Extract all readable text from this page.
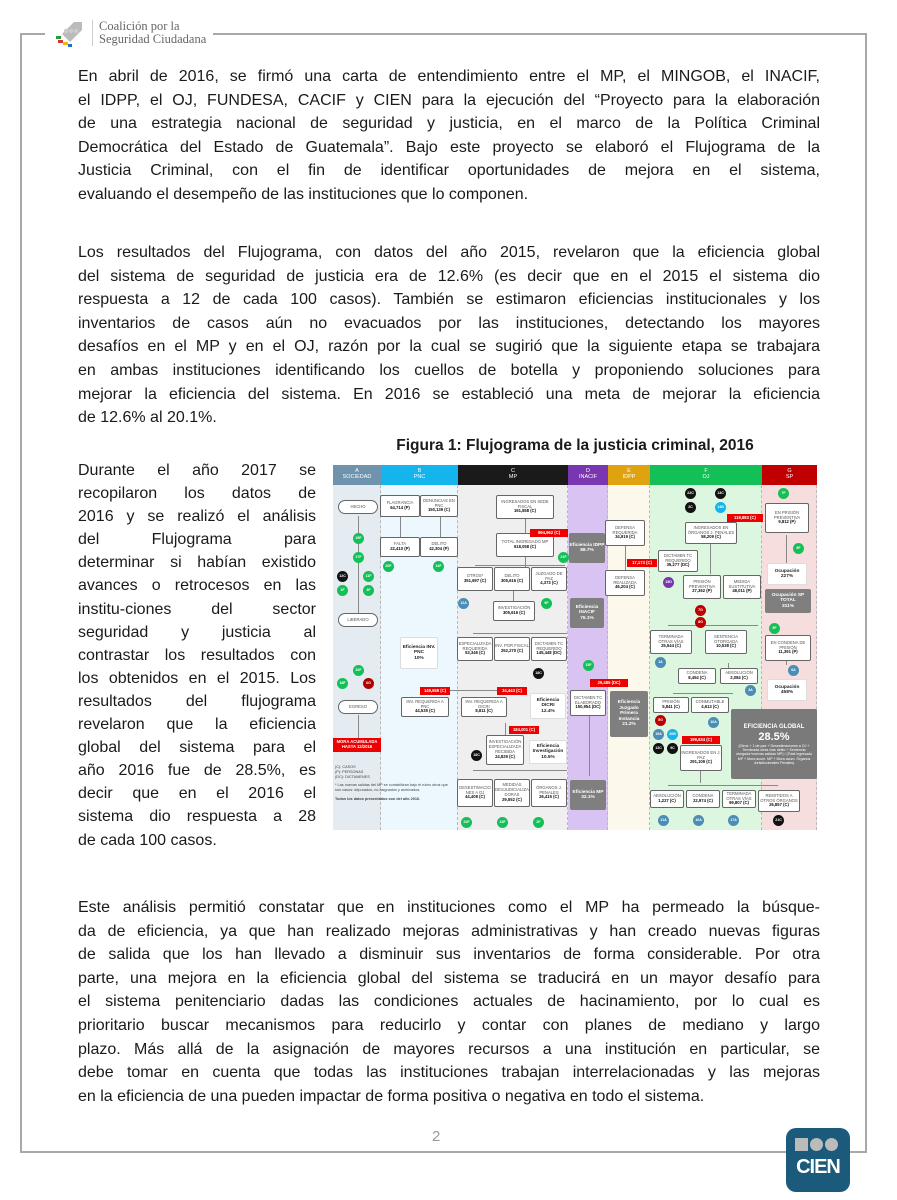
Coalición por la
Seguridad Ciudadana
En abril de 2016, se firmó una carta de entendimiento entre el MP, el MINGOB, el INACIF,
el IDPP, el OJ, FUNDESA, CACIF y CIEN para la ejecución del “Proyecto para la elaboración
de una estrategia nacional de seguridad y justicia, en el marco de la Política Criminal
Democrática del Estado de Guatemala”. Bajo este proyecto se elaboró el Flujograma de la
Justicia Criminal, con el fin de identificar oportunidades de mejora en el sistema,
evaluando el desempeño de las instituciones que lo componen.
Los resultados del Flujograma, con datos del año 2015, revelaron que la eficiencia global
del sistema de seguridad de justicia era de 12.6% (es decir que en el 2015 el sistema dio
respuesta a 12 de cada 100 casos). También se estimaron eficiencias institucionales y los
inventarios de casos aún no evacuados por las instituciones, detectando los mayores
desafíos en el MP y en el OJ, razón por la cual se sugirió que la siguiente etapa se trabajara
en ambas instituciones identificando los cuellos de botella y proponiendo soluciones para
mejorar la eficiencia del sistema. En 2016 se estableció una meta de mejorar la eficiencia
de 12.6% al 20.1%.
Durante el año 2017 se
recopilaron los datos de
2016 y se realizó el análisis
del Flujograma para
determinar si habían existido
avances o retrocesos en las
institu-ciones del sector
seguridad y justicia al
contrastar los resultados con
los obtenidos en el 2015. Los
resultados del flujograma
revelaron que la eficiencia
global del sistema para el
año 2016 fue de 28.5%, es
decir que en el 2016 el
sistema dio respuesta a 28
de cada 100 casos.
Este análisis permitió constatar que en instituciones como el MP ha permeado la búsque-
da de eficiencia, ya que han realizado mejoras administrativas y han creado nuevas figuras
de salida que los han llevado a disminuir sus inventarios de forma considerable. Por otra
parte, una mejora en la eficiencia global del sistema se traducirá en un mayor desafío para
el sistema penitenciario dadas las condiciones actuales de hacinamiento, por lo cual es
prioritario buscar mecanismos para reducirlo y contar con planes de mediano y largo
plazo. Más allá de la asignación de mayores recursos a una institución en particular, se
debe tomar en cuenta que todas las instituciones trabajan interrelacionadas y las mejoras
en la eficiencia de una pueden impactar de forma positiva o negativa en todo el sistema.
Figura 1: Flujograma de la justicia criminal, 2016
A
SOCIEDAD
B
PNC
C
MP
D
INACIF
E
IDPP
F
OJ
G
SP
HECHO
FLAGRANCIA
64,714 (P)
DENUNCIAS EN PNC
150,139 (C)
FALTA
22,410 (P)
DELITO
42,304 (P)
INGRESADOS EN SEDE FISCAL
191,858 (C)
TOTAL INGRESADO MP
618,058 (C)
OTROS*
351,697 (C)
DELITO
305,616 (C)
JUZGADO DE PAZ
4,373 (C)
INVESTIGACIÓN
305,616 (C)
ESPECIALIZADA REQUERIDA
53,346 (C)
INV. POR FISCAL
252,270 (C)
DICTAMEN TC REQUERIDO
145,448 (DC)
INV. REQUERIDA A PNC
44,535 (C)
INV. REQUERIDA A DICRI
8,811 (C)
INVESTIGACIÓN ESPECIALIZADA RECIBIDA
24,829 (C)
DESESTIMACIONES A OJ
44,408 (C)
MEDIDAS DESJUDICIALIZADORAS
29,552 (C)
ÓRGANOS J. PENALES
26,415 (C)
DICTAMEN TC ELABORADO
150,954 (DC)
DEFENSA REQUERIDA
34,919 (C)
DEFENSA REALIZADA
46,204 (C)
INGRESADOS EN ÓRGANOS J. PENALES
58,209 (C)
DICTAMEN TC REQUERIDO
35,277 (DC)
PRISIÓN PREVENTIVA
27,362 (P)
MEDIDA SUSTITUTIVA
48,011 (P)
TERMINADA OTRAS VÍAS
25,544 (C)
SENTENCIA OTORGADA
10,538 (C)
CONDENA
8,454 (C)
ABSOLUCIÓN
2,084 (C)
PRISIÓN
5,841 (C)
CONMUTABLE
4,613 (C)
INGRESADOS EN J. PAZ
291,109 (C)
ABSOLUCIÓN
1,227 (C)
CONDENA
22,974 (C)
TERMINADA OTRAS VÍAS
99,807 (C)
REMITIDOS A OTROS ÓRGANOS
26,857 (C)
EN PRISIÓN PREVENTIVA
9,812 (P)
EN CONDENA DE PRISIÓN
11,391 (P)
LIBERADO
EGRESO
994,962 (C)
149,558 (C)	34,443 (C)
184,001 (C)
29,485 (DC)
17,173 (C)
119,883 (C)
199,634 (C)
MORA ACUMULADA HASTA 12/2016
Eficiencia IDPP
88.7%
Eficiencia INACIF
76.1%
Eficiencia MP
32.1%
Eficiencia Juzgado Primera Instancia
21.2%
Ocupación SP TOTAL
311%
Eficiencia INV. PNC
10%
Eficiencia DICRI
12.4%
Eficiencia Investigación
10.5%
Ocupación
227%
Ocupación
458%
EFICIENCIA GLOBAL
28.5%
(Otros + 1 de paz + Desestimaciones a OJ + Terminada otras vías delito + Sentencia otorgada+nuevas salidas MP) / (Total ingresado MP + Mora acum. MP + Mora acum. Órganos Jurisdiccionales Penales)
(C): CASOS
(P): PERSONAS
(DC): DICTAMENES
* Las nuevas salidas del MP se contabilizan bajo el rubro otros que son casos: depurados, no asignados y archivados.
Todos los datos presentados son del año 2016.
19F
17F
12C	11F
1F	3F
20F
18F	6G
20F	14F
21F
12A	9F
18C
18C
22F	13F	2F
15F
15D
22C	13C
2C	14B
7G
8G
1A
3A
5G	16A
19A	20B
13C	9C
11A	10A	17A	21C
7F
8F
5F
6A
2
CIEN
